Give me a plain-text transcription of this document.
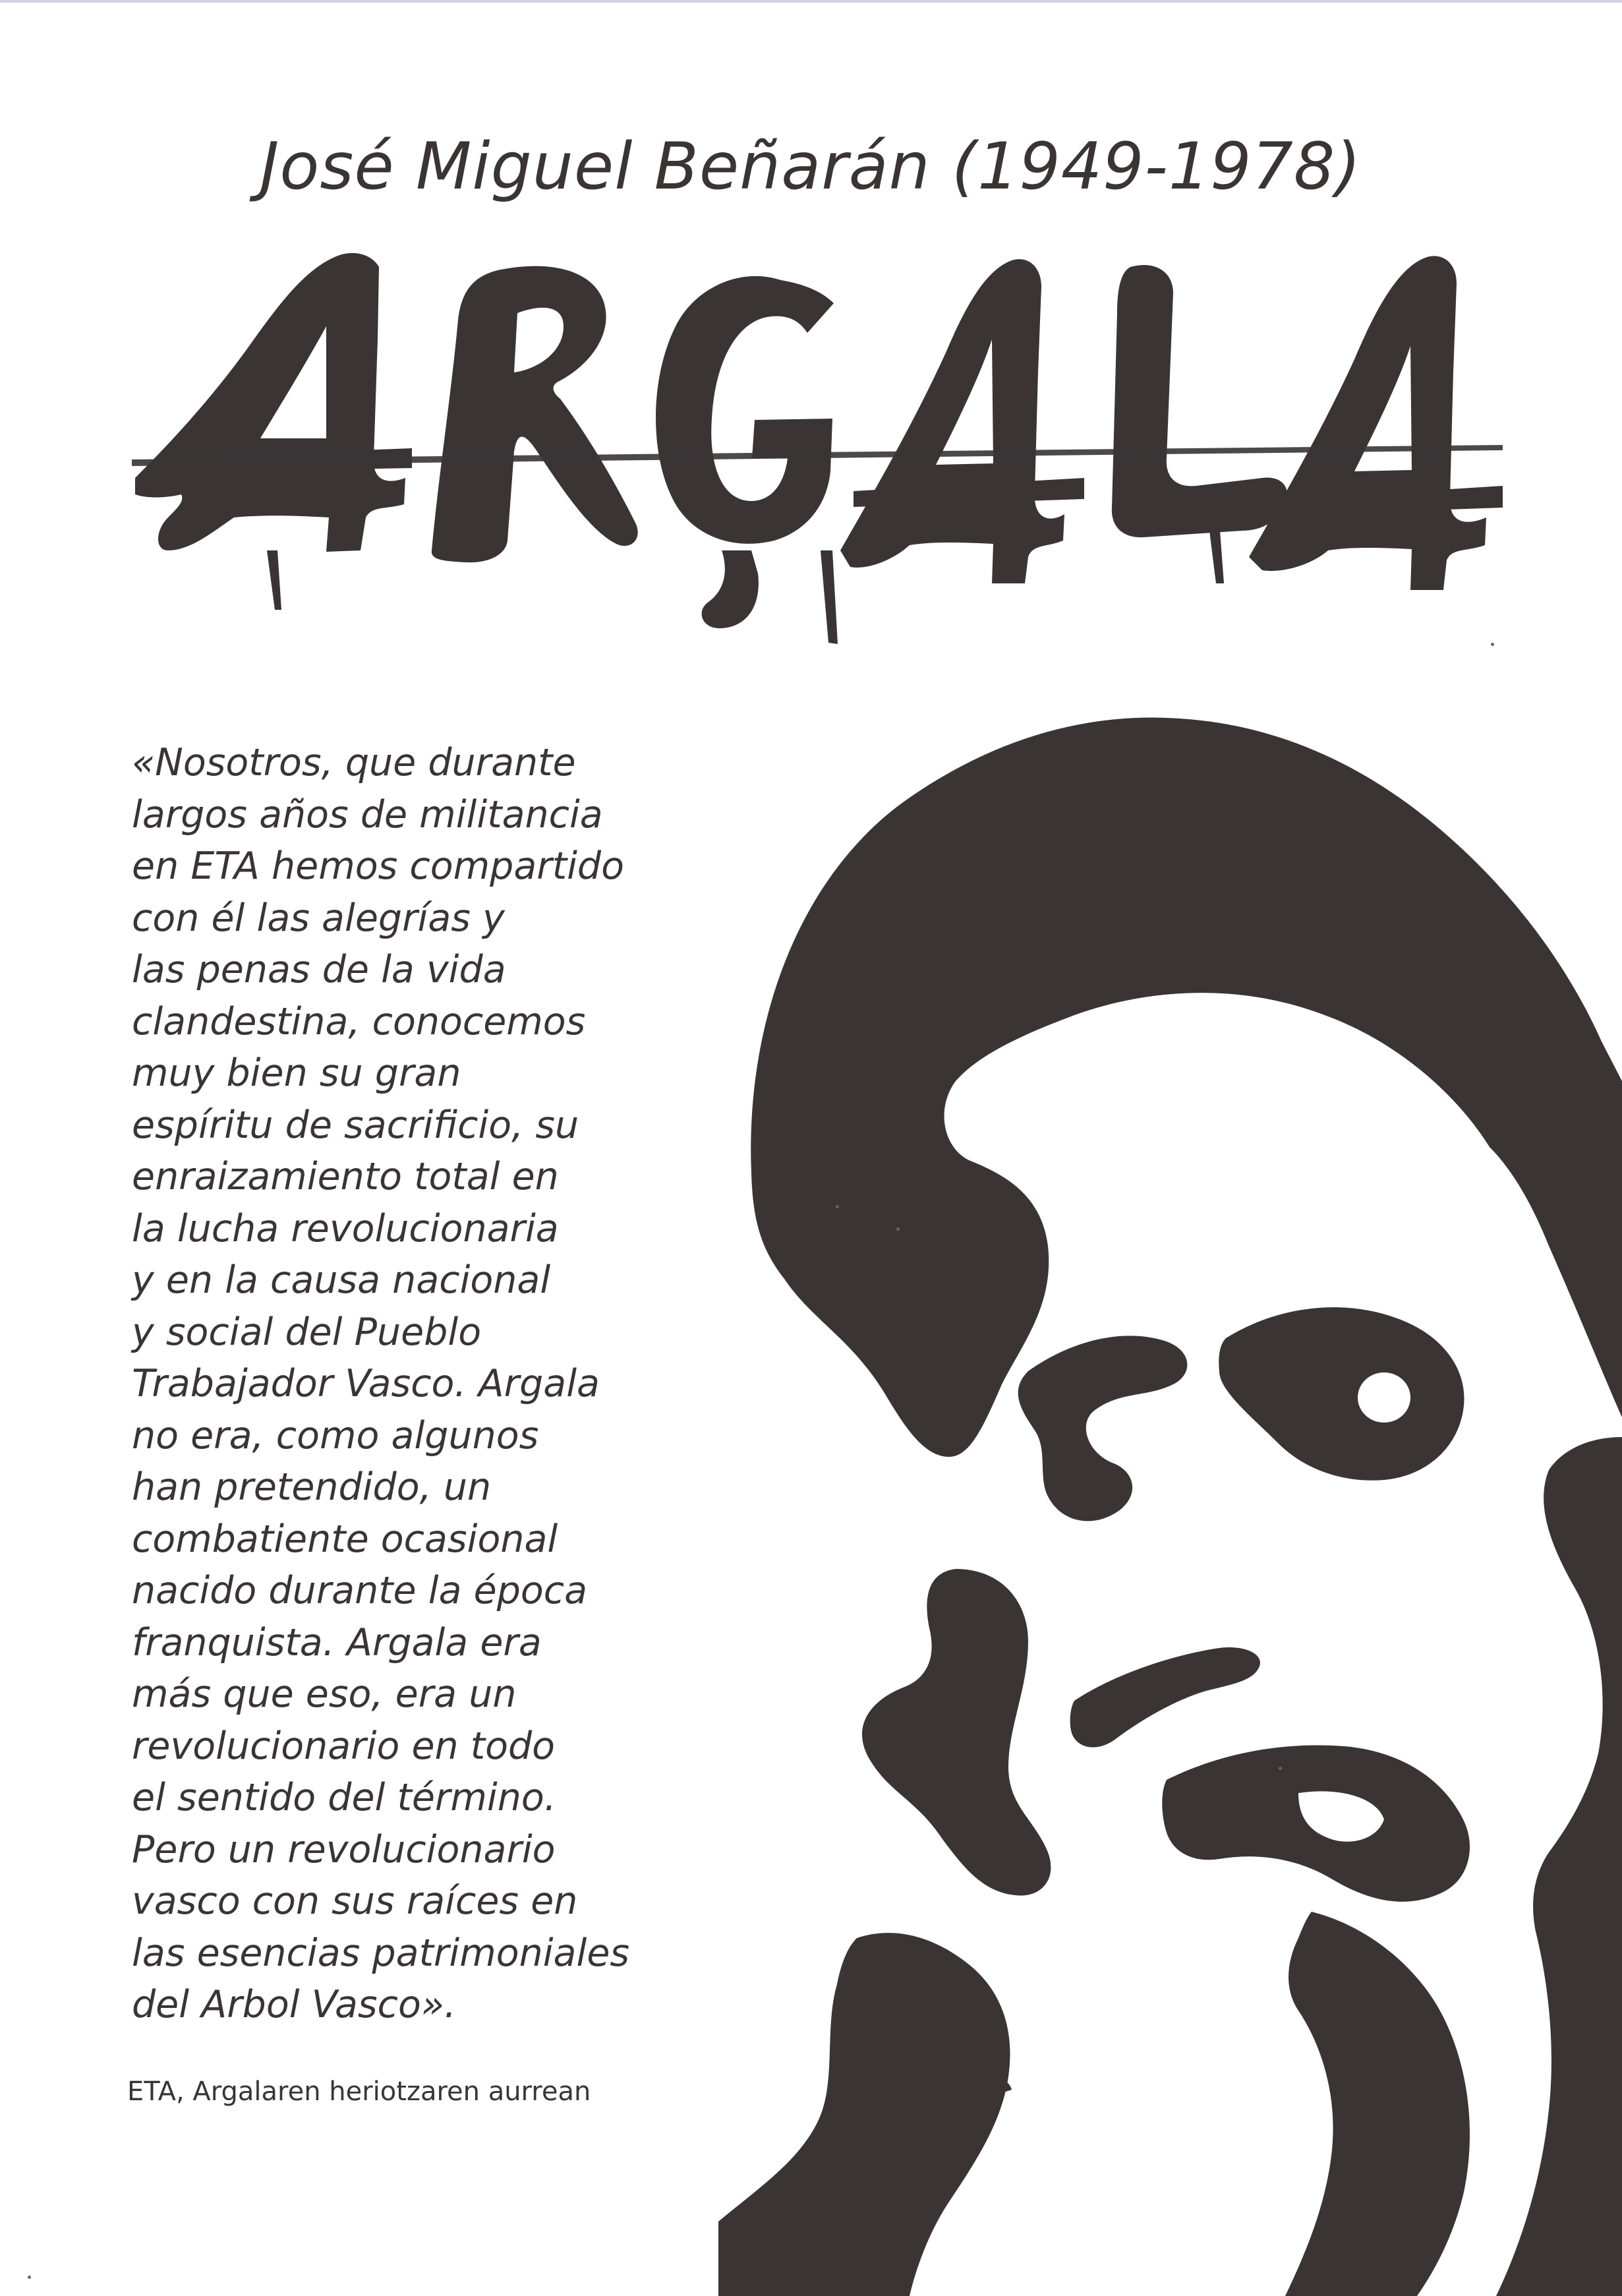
José Miguel Beñarán (1949-1978)

«Nosotros, que durante
largos años de militancia
en ETA hemos compartido
con él las alegrías y
las penas de la vida
clandestina, conocemos
muy bien su gran
espíritu de sacrificio, su
enraizamiento total en
la lucha revolucionaria
y en la causa nacional
y social del Pueblo
Trabajador Vasco. Argala
no era, como algunos
han pretendido, un
combatiente ocasional
nacido durante la época
franquista. Argala era
más que eso, era un
revolucionario en todo
el sentido del término.
Pero un revolucionario
vasco con sus raíces en
las esencias patrimoniales
del Arbol Vasco».

ETA, Argalaren heriotzaren aurrean
